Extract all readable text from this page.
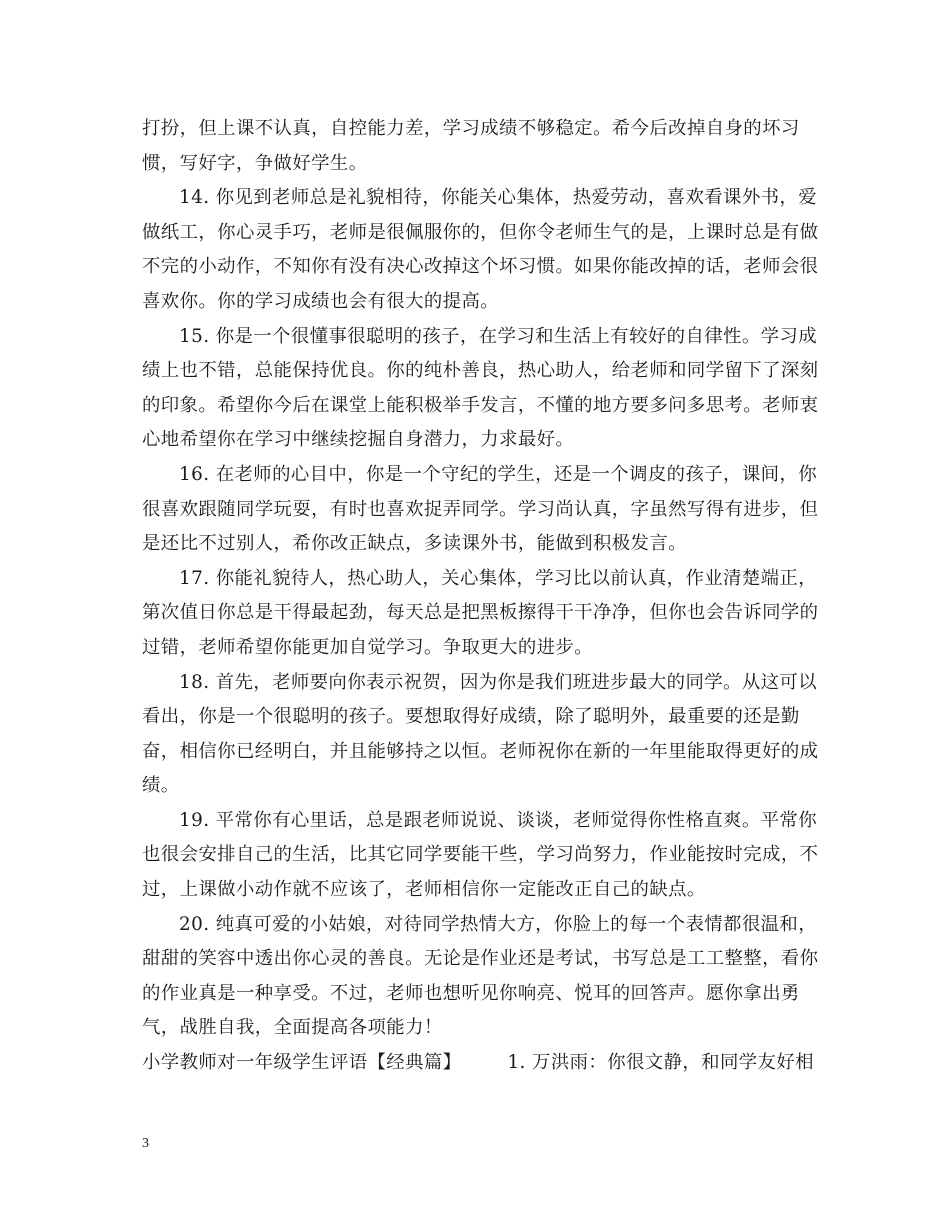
打扮，但上课不认真，自控能力差，学习成绩不够稳定。希今后改掉自身的坏习惯，写好字，争做好学生。

14. 你见到老师总是礼貌相待，你能关心集体，热爱劳动，喜欢看课外书，爱做纸工，你心灵手巧，老师是很佩服你的，但你令老师生气的是，上课时总是有做不完的小动作，不知你有没有决心改掉这个坏习惯。如果你能改掉的话，老师会很喜欢你。你的学习成绩也会有很大的提高。

15. 你是一个很懂事很聪明的孩子，在学习和生活上有较好的自律性。学习成绩上也不错，总能保持优良。你的纯朴善良，热心助人，给老师和同学留下了深刻的印象。希望你今后在课堂上能积极举手发言，不懂的地方要多问多思考。老师衷心地希望你在学习中继续挖掘自身潜力，力求最好。

16. 在老师的心目中，你是一个守纪的学生，还是一个调皮的孩子，课间，你很喜欢跟随同学玩耍，有时也喜欢捉弄同学。学习尚认真，字虽然写得有进步，但是还比不过别人，希你改正缺点，多读课外书，能做到积极发言。

17. 你能礼貌待人，热心助人，关心集体，学习比以前认真，作业清楚端正，第次值日你总是干得最起劲，每天总是把黑板擦得干干净净，但你也会告诉同学的过错，老师希望你能更加自觉学习。争取更大的进步。

18. 首先，老师要向你表示祝贺，因为你是我们班进步最大的同学。从这可以看出，你是一个很聪明的孩子。要想取得好成绩，除了聪明外，最重要的还是勤奋，相信你已经明白，并且能够持之以恒。老师祝你在新的一年里能取得更好的成绩。

19. 平常你有心里话，总是跟老师说说、谈谈，老师觉得你性格直爽。平常你也很会安排自己的生活，比其它同学要能干些，学习尚努力，作业能按时完成，不过，上课做小动作就不应该了，老师相信你一定能改正自己的缺点。

20. 纯真可爱的小姑娘，对待同学热情大方，你脸上的每一个表情都很温和，甜甜的笑容中透出你心灵的善良。无论是作业还是考试，书写总是工工整整，看你的作业真是一种享受。不过，老师也想听见你响亮、悦耳的回答声。愿你拿出勇气，战胜自我，全面提高各项能力！

小学教师对一年级学生评语【经典篇】	1. 万洪雨：你很文静，和同学友好相

3
